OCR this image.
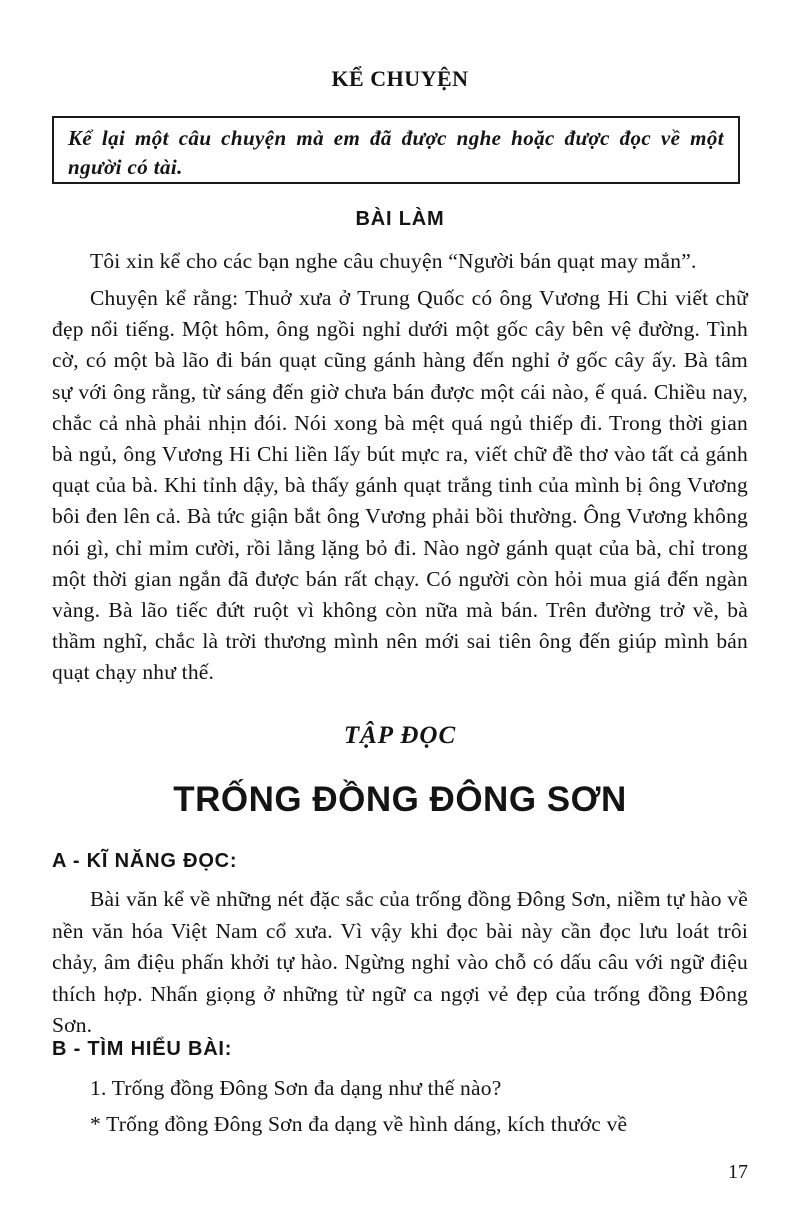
KỂ CHUYỆN
Kể lại một câu chuyện mà em đã được nghe hoặc được đọc về một người có tài.
BÀI LÀM
Tôi xin kể cho các bạn nghe câu chuyện “Người bán quạt may mắn”.
Chuyện kể rằng: Thuở xưa ở Trung Quốc có ông Vương Hi Chi viết chữ đẹp nổi tiếng. Một hôm, ông ngồi nghỉ dưới một gốc cây bên vệ đường. Tình cờ, có một bà lão đi bán quạt cũng gánh hàng đến nghỉ ở gốc cây ấy. Bà tâm sự với ông rằng, từ sáng đến giờ chưa bán được một cái nào, ế quá. Chiều nay, chắc cả nhà phải nhịn đói. Nói xong bà mệt quá ngủ thiếp đi. Trong thời gian bà ngủ, ông Vương Hi Chi liền lấy bút mực ra, viết chữ đề thơ vào tất cả gánh quạt của bà. Khi tỉnh dậy, bà thấy gánh quạt trắng tinh của mình bị ông Vương bôi đen lên cả. Bà tức giận bắt ông Vương phải bồi thường. Ông Vương không nói gì, chỉ mỉm cười, rồi lẳng lặng bỏ đi. Nào ngờ gánh quạt của bà, chỉ trong một thời gian ngắn đã được bán rất chạy. Có người còn hỏi mua giá đến ngàn vàng. Bà lão tiếc đứt ruột vì không còn nữa mà bán. Trên đường trở về, bà thầm nghĩ, chắc là trời thương mình nên mới sai tiên ông đến giúp mình bán quạt chạy như thế.
TẬP ĐỌC
TRỐNG ĐỒNG ĐÔNG SƠN
A - KĨ NĂNG ĐỌC:
Bài văn kể về những nét đặc sắc của trống đồng Đông Sơn, niềm tự hào về nền văn hóa Việt Nam cổ xưa. Vì vậy khi đọc bài này cần đọc lưu loát trôi chảy, âm điệu phấn khởi tự hào. Ngừng nghỉ vào chỗ có dấu câu với ngữ điệu thích hợp. Nhấn giọng ở những từ ngữ ca ngợi vẻ đẹp của trống đồng Đông Sơn.
B - TÌM HIỂU BÀI:
1. Trống đồng Đông Sơn đa dạng như thế nào?
* Trống đồng Đông Sơn đa dạng về hình dáng, kích thước về
17
